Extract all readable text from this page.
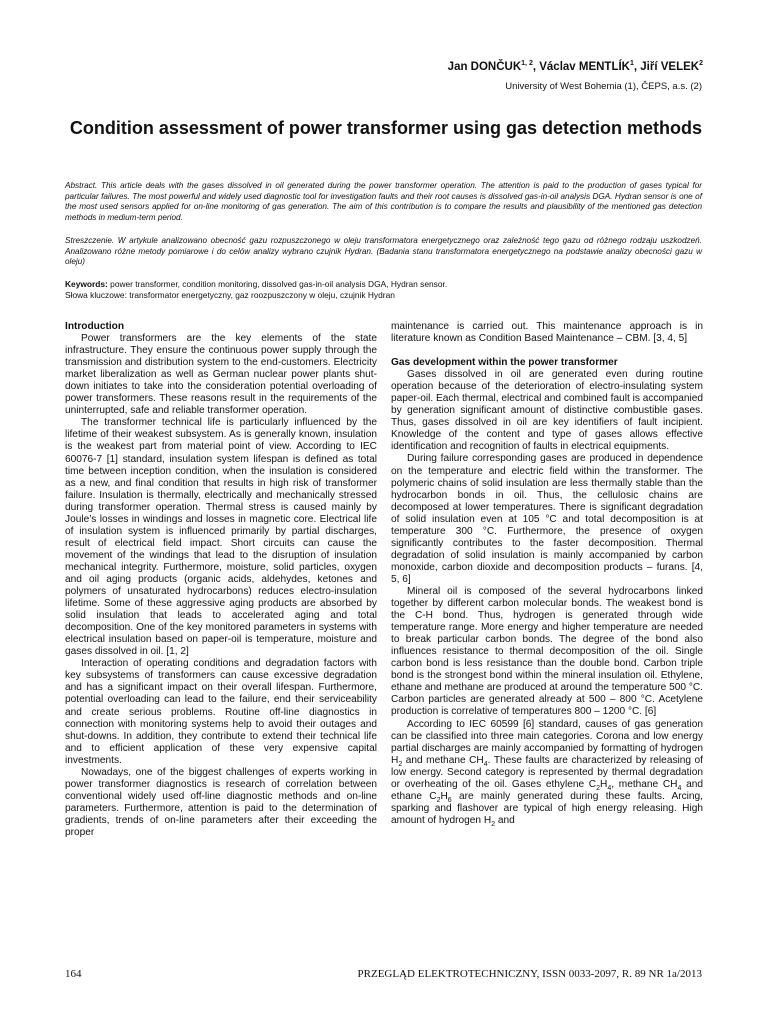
Jan DONČUK$^{1, 2}$, Václav MENTLÍK$^1$, Jiří VELEK$^2$
University of West Bohemia (1), ČEPS, a.s. (2)
Condition assessment of power transformer using gas detection methods
Abstract. This article deals with the gases dissolved in oil generated during the power transformer operation. The attention is paid to the production of gases typical for particular failures. The most powerful and widely used diagnostic tool for investigation faults and their root causes is dissolved gas-in-oil analysis DGA. Hydran sensor is one of the most used sensors applied for on-line monitoring of gas generation. The aim of this contribution is to compare the results and plausibility of the mentioned gas detection methods in medium-term period.
Streszczenie. W artykule analizowano obecność gazu rozpuszczonego w oleju transformatora energetycznego oraz zależność tego gazu od różnego rodzaju uszkodzeń. Analizowano różne metody pomiarowe i do celów analizy wybrano czujnik Hydran. (Badania stanu transformatora energetycznego na podstawie analizy obecności gazu w oleju)
Keywords: power transformer, condition monitoring, dissolved gas-in-oil analysis DGA, Hydran sensor.
Słowa kluczowe: transformator energetyczny, gaz roozpuszczony w oleju, czujnik Hydran
Introduction

Power transformers are the key elements of the state infrastructure. They ensure the continuous power supply through the transmission and distribution system to the end-customers. Electricity market liberalization as well as German nuclear power plants shut-down initiates to take into the consideration potential overloading of power transformers. These reasons result in the requirements of the uninterrupted, safe and reliable transformer operation.

The transformer technical life is particularly influenced by the lifetime of their weakest subsystem. As is generally known, insulation is the weakest part from material point of view. According to IEC 60076-7 [1] standard, insulation system lifespan is defined as total time between inception condition, when the insulation is considered as a new, and final condition that results in high risk of transformer failure. Insulation is thermally, electrically and mechanically stressed during transformer operation. Thermal stress is caused mainly by Joule’s losses in windings and losses in magnetic core. Electrical life of insulation system is influenced primarily by partial discharges, result of electrical field impact. Short circuits can cause the movement of the windings that lead to the disruption of insulation mechanical integrity. Furthermore, moisture, solid particles, oxygen and oil aging products (organic acids, aldehydes, ketones and polymers of unsaturated hydrocarbons) reduces electro-insulation lifetime. Some of these aggressive aging products are absorbed by solid insulation that leads to accelerated aging and total decomposition. One of the key monitored parameters in systems with electrical insulation based on paper-oil is temperature, moisture and gases dissolved in oil. [1, 2]

Interaction of operating conditions and degradation factors with key subsystems of transformers can cause excessive degradation and has a significant impact on their overall lifespan. Furthermore, potential overloading can lead to the failure, end their serviceability and create serious problems. Routine off-line diagnostics in connection with monitoring systems help to avoid their outages and shut-downs. In addition, they contribute to extend their technical life and to efficient application of these very expensive capital investments.

Nowadays, one of the biggest challenges of experts working in power transformer diagnostics is research of correlation between conventional widely used off-line diagnostic methods and on-line parameters. Furthermore, attention is paid to the determination of gradients, trends of on-line parameters after their exceeding the proper

maintenance is carried out. This maintenance approach is in literature known as Condition Based Maintenance – CBM. [3, 4, 5]

Gas development within the power transformer

Gases dissolved in oil are generated even during routine operation because of the deterioration of electro-insulating system paper-oil. Each thermal, electrical and combined fault is accompanied by generation significant amount of distinctive combustible gases. Thus, gases dissolved in oil are key identifiers of fault incipient. Knowledge of the content and type of gases allows effective identification and recognition of faults in electrical equipments.

During failure corresponding gases are produced in dependence on the temperature and electric field within the transformer. The polymeric chains of solid insulation are less thermally stable than the hydrocarbon bonds in oil. Thus, the cellulosic chains are decomposed at lower temperatures. There is significant degradation of solid insulation even at 105 °C and total decomposition is at temperature 300 °C. Furthermore, the presence of oxygen significantly contributes to the faster decomposition. Thermal degradation of solid insulation is mainly accompanied by carbon monoxide, carbon dioxide and decomposition products – furans. [4, 5, 6]

Mineral oil is composed of the several hydrocarbons linked together by different carbon molecular bonds. The weakest bond is the C-H bond. Thus, hydrogen is generated through wide temperature range. More energy and higher temperature are needed to break particular carbon bonds. The degree of the bond also influences resistance to thermal decomposition of the oil. Single carbon bond is less resistance than the double bond. Carbon triple bond is the strongest bond within the mineral insulation oil. Ethylene, ethane and methane are produced at around the temperature 500 °C. Carbon particles are generated already at 500 – 800 °C. Acetylene production is correlative of temperatures 800 – 1200 °C. [6]

According to IEC 60599 [6] standard, causes of gas generation can be classified into three main categories. Corona and low energy partial discharges are mainly accompanied by formatting of hydrogen $H_2$ and methane $CH_4$. These faults are characterized by releasing of low energy. Second category is represented by thermal degradation or overheating of the oil. Gases ethylene $C_2H_4$, methane $CH_4$ and ethane $C_2H_6$ are mainly generated during these faults. Arcing, sparking and flashover are typical of high energy releasing. High amount of hydrogen $H_2$ and

164	PRZEGLĄD ELEKTROTECHNICZNY, ISSN 0033-2097, R. 89 NR 1a/2013
